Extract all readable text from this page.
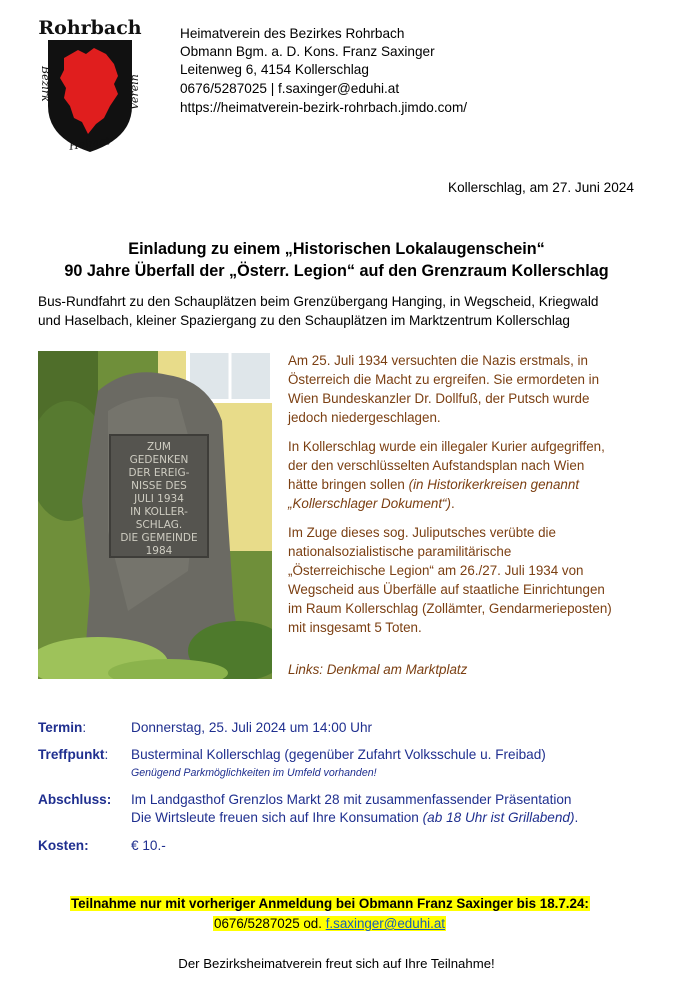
Rohrbach
Bezirk	Verein
Heimat
Heimatverein des Bezirkes Rohrbach
Obmann Bgm. a. D. Kons. Franz Saxinger
Leitenweg 6, 4154 Kollerschlag
0676/5287025 | f.saxinger@eduhi.at
https://heimatverein-bezirk-rohrbach.jimdo.com/
Kollerschlag, am 27. Juni 2024
Einladung zu einem „Historischen Lokalaugenschein“
90 Jahre Überfall der „Österr. Legion“ auf den Grenzraum Kollerschlag
Bus-Rundfahrt zu den Schauplätzen beim Grenzübergang Hanging, in Wegscheid, Kriegwald
und Haselbach, kleiner Spaziergang zu den Schauplätzen im Marktzentrum Kollerschlag
ZUM
GEDENKEN
DER EREIG-
NISSE DES
JULI 1934
IN KOLLER-
SCHLAG.
DIE GEMEINDE
1984
Am 25. Juli 1934 versuchten die Nazis erstmals, in
Österreich die Macht zu ergreifen. Sie ermordeten in
Wien Bundeskanzler Dr. Dollfuß, der Putsch wurde
jedoch niedergeschlagen.
In Kollerschlag wurde ein illegaler Kurier aufgegriffen,
der den verschlüsselten Aufstandsplan nach Wien
hätte bringen sollen (in Historikerkreisen genannt
„Kollerschlager Dokument“).
Im Zuge dieses sog. Juliputsches verübte die
nationalsozialistische paramilitärische
„Österreichische Legion“ am 26./27. Juli 1934 von
Wegscheid aus Überfälle auf staatliche Einrichtungen
im Raum Kollerschlag (Zollämter, Gendarmerieposten)
mit insgesamt 5 Toten.
Links: Denkmal am Marktplatz
Termin:	Donnerstag, 25. Juli 2024 um 14:00 Uhr
Treffpunkt: Busterminal Kollerschlag (gegenüber Zufahrt Volksschule u. Freibad)
Genügend Parkmöglichkeiten im Umfeld vorhanden!
Abschluss: Im Landgasthof Grenzlos Markt 28 mit zusammenfassender Präsentation
Die Wirtsleute freuen sich auf Ihre Konsumation (ab 18 Uhr ist Grillabend).
Kosten:	€ 10.-
Teilnahme nur mit vorheriger Anmeldung bei Obmann Franz Saxinger bis 18.7.24:
0676/5287025 od. f.saxinger@eduhi.at
Der Bezirksheimatverein freut sich auf Ihre Teilnahme!
